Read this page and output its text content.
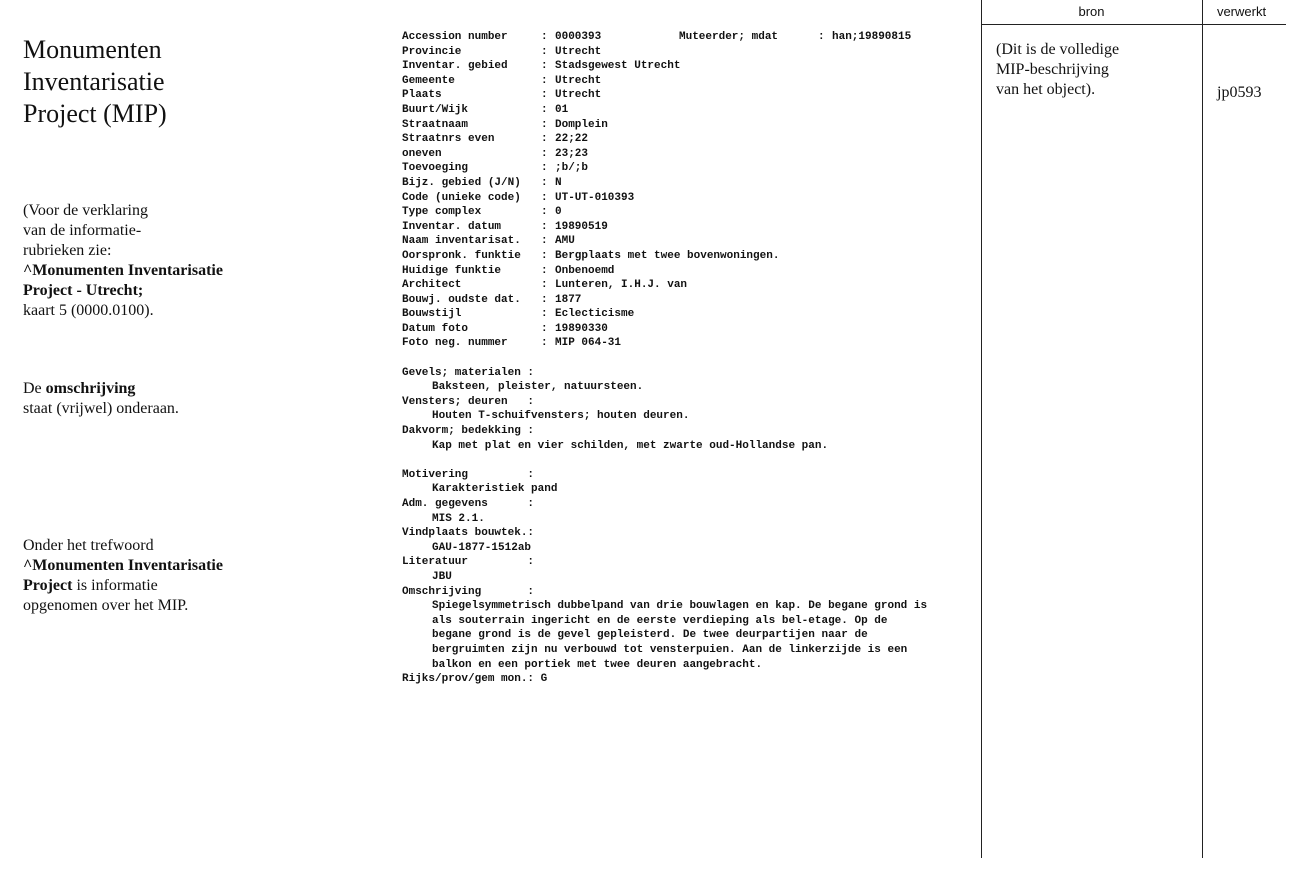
Monumenten
Inventarisatie
Project (MIP)
(Voor de verklaring
van de informatie-
rubrieken zie:
^Monumenten Inventarisatie
Project - Utrecht;
kaart 5 (0000.0100).
De omschrijving
staat (vrijwel) onderaan.
Onder het trefwoord
^Monumenten Inventarisatie
Project is informatie
opgenomen over het MIP.
Accession number	: 0000393	Muteerder; mdat	: han;19890815
Provincie	: Utrecht
Inventar. gebied	: Stadsgewest Utrecht
Gemeente	: Utrecht
Plaats	: Utrecht
Buurt/Wijk	: 01
Straatnaam	: Domplein
Straatnrs even	: 22;22
oneven	: 23;23
Toevoeging	: ;b/;b
Bijz. gebied (J/N) : N
Code (unieke code) : UT-UT-010393
Type complex	: 0
Inventar. datum	: 19890519
Naam inventarisat. : AMU
Oorspronk. funktie : Bergplaats met twee bovenwoningen.
Huidige funktie	: Onbenoemd
Architect	: Lunteren, I.H.J. van
Bouwj. oudste dat. : 1877
Bouwstijl	: Eclecticisme
Datum foto	: 19890330
Foto neg. nummer	: MIP 064-31
Gevels; materialen :
Baksteen, pleister, natuursteen.
Vensters; deuren   :
Houten T-schuifvensters; houten deuren.
Dakvorm; bedekking :
Kap met plat en vier schilden, met zwarte oud-Hollandse pan.
Motivering         :
Karakteristiek pand
Adm. gegevens      :
MIS 2.1.
Vindplaats bouwtek.:
GAU-1877-1512ab
Literatuur         :
JBU
Omschrijving       :
Spiegelsymmetrisch dubbelpand van drie bouwlagen en kap. De begane grond is
als souterrain ingericht en de eerste verdieping als bel-etage. Op de
begane grond is de gevel gepleisterd. De twee deurpartijen naar de
bergruimten zijn nu verbouwd tot vensterpuien. Aan de linkerzijde is een
balkon en een portiek met twee deuren aangebracht.
Rijks/prov/gem mon.: G
bron	verwerkt
(Dit is de volledige
MIP-beschrijving
van het object).	jp0593
